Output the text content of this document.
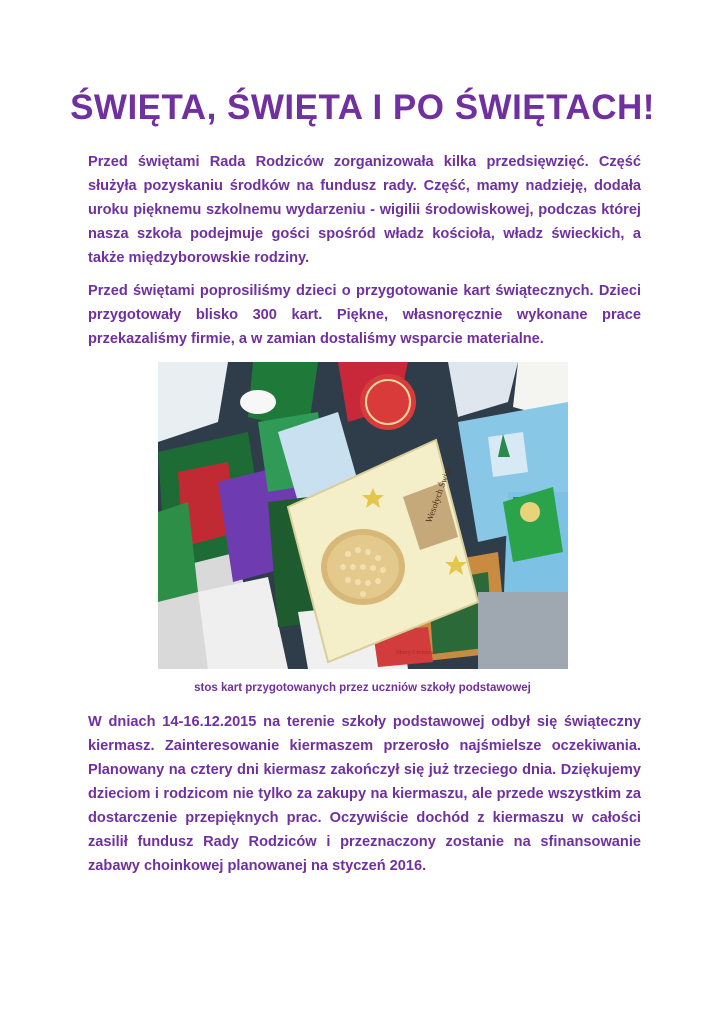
ŚWIĘTA, ŚWIĘTA I PO ŚWIĘTACH!

Przed świętami Rada Rodziców zorganizowała kilka przedsięwzięć. Część służyła pozyskaniu środków na fundusz rady. Część, mamy nadzieję, dodała uroku pięknemu szkolnemu wydarzeniu - wigilii środowiskowej, podczas której nasza szkoła podejmuje gości spośród władz kościoła, władz świeckich, a także międzyborowskie rodziny.

Przed świętami poprosiliśmy dzieci o przygotowanie kart świątecznych. Dzieci przygotowały blisko 300 kart. Piękne, własnoręcznie wykonane prace przekazaliśmy firmie, a w zamian dostaliśmy wsparcie materialne.

Wesołych Świąt
Merry Christmas

stos kart przygotowanych przez uczniów szkoły podstawowej

W dniach 14-16.12.2015 na terenie szkoły podstawowej odbył się świąteczny kiermasz. Zainteresowanie kiermaszem przerosło najśmielsze oczekiwania. Planowany na cztery dni kiermasz zakończył się już trzeciego dnia. Dziękujemy dzieciom i rodzicom nie tylko za zakupy na kiermaszu, ale przede wszystkim za dostarczenie przepięknych prac. Oczywiście dochód z kiermaszu w całości zasilił fundusz Rady Rodziców i przeznaczony zostanie na sfinansowanie zabawy choinkowej planowanej na styczeń 2016.
